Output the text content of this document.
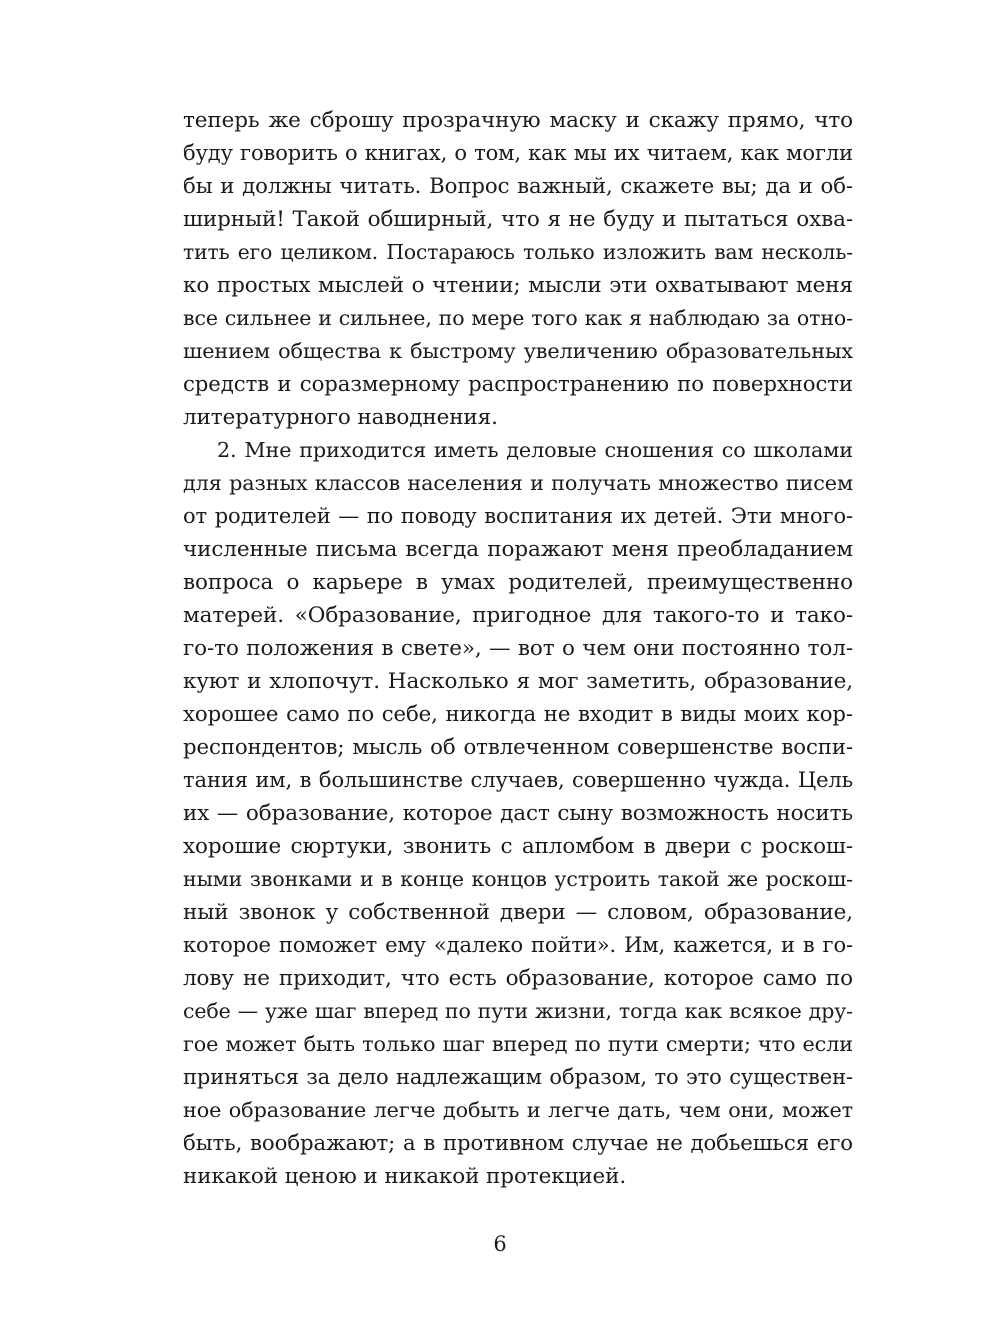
теперь же сброшу прозрачную маску и скажу прямо, что
буду говорить о книгах, о том, как мы их читаем, как могли
бы и должны читать. Вопрос важный, скажете вы; да и об-
ширный! Такой обширный, что я не буду и пытаться охва-
тить его целиком. Постараюсь только изложить вам несколь-
ко простых мыслей о чтении; мысли эти охватывают меня
все сильнее и сильнее, по мере того как я наблюдаю за отно-
шением общества к быстрому увеличению образовательных
средств и соразмерному распространению по поверхности
литературного наводнения.
2. Мне приходится иметь деловые сношения со школами
для разных классов населения и получать множество писем
от родителей — по поводу воспитания их детей. Эти много-
численные письма всегда поражают меня преобладанием
вопроса о карьере в умах родителей, преимущественно
матерей. «Образование, пригодное для такого-то и тако-
го-то положения в свете», — вот о чем они постоянно тол-
куют и хлопочут. Насколько я мог заметить, образование,
хорошее само по себе, никогда не входит в виды моих кор-
респондентов; мысль об отвлеченном совершенстве воспи-
тания им, в большинстве случаев, совершенно чужда. Цель
их — образование, которое даст сыну возможность носить
хорошие сюртуки, звонить с апломбом в двери с роскош-
ными звонками и в конце концов устроить такой же роскош-
ный звонок у собственной двери — словом, образование,
которое поможет ему «далеко пойти». Им, кажется, и в го-
лову не приходит, что есть образование, которое само по
себе — уже шаг вперед по пути жизни, тогда как всякое дру-
гое может быть только шаг вперед по пути смерти; что если
приняться за дело надлежащим образом, то это существен-
ное образование легче добыть и легче дать, чем они, может
быть, воображают; а в противном случае не добьешься его
никакой ценою и никакой протекцией.
6
